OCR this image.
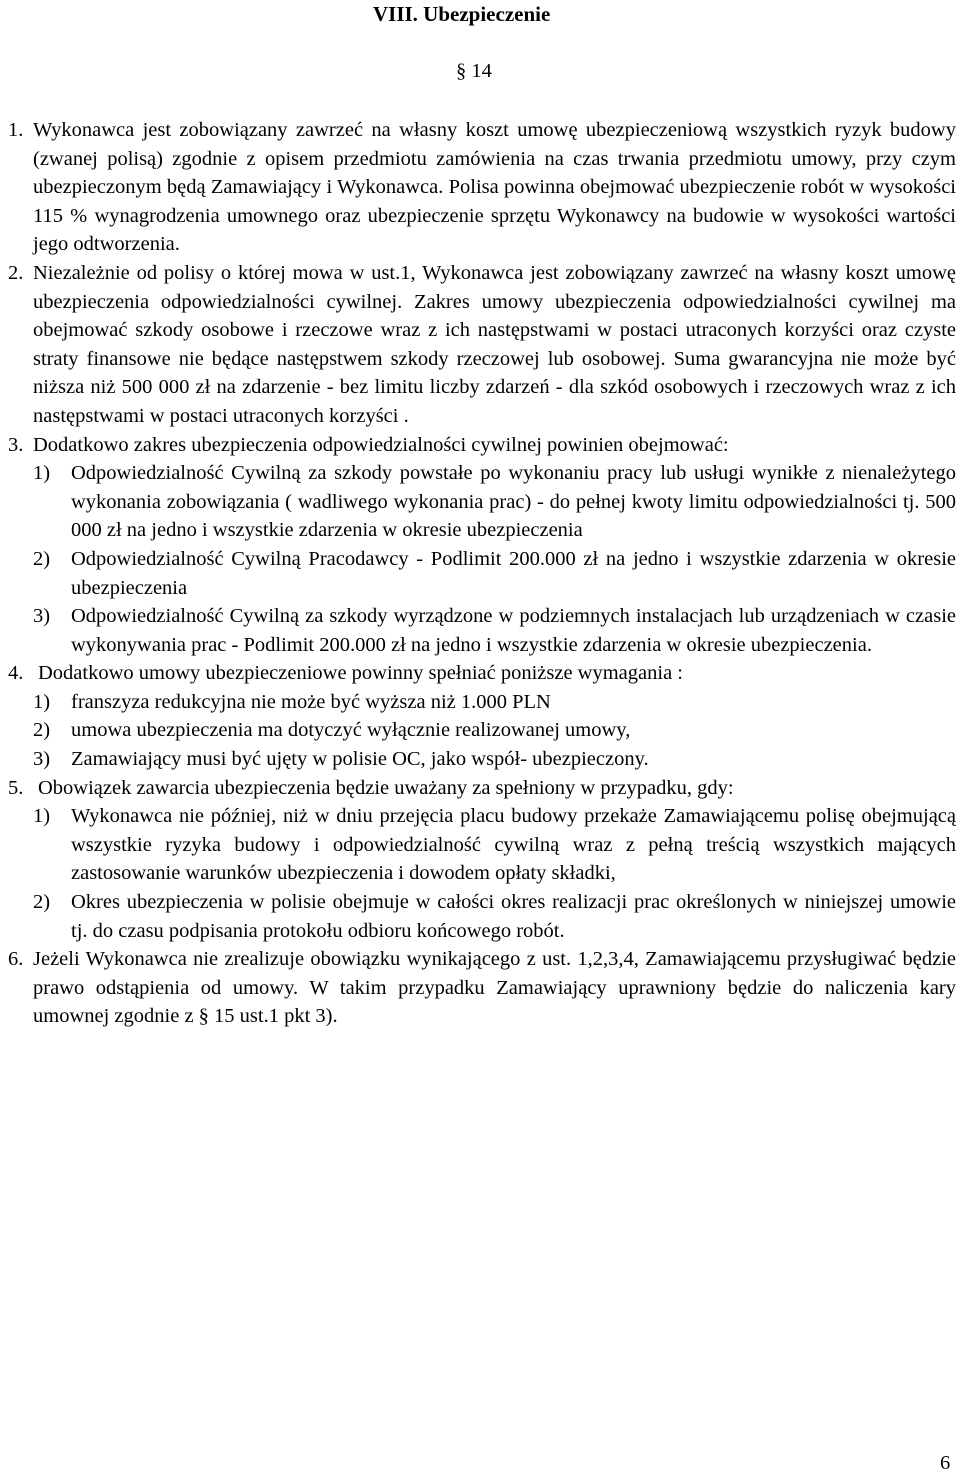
VIII. Ubezpieczenie
§ 14
1. Wykonawca jest zobowiązany zawrzeć na własny koszt umowę ubezpieczeniową wszystkich ryzyk budowy (zwanej polisą) zgodnie z opisem przedmiotu zamówienia na czas trwania przedmiotu umowy, przy czym ubezpieczonym będą Zamawiający i Wykonawca. Polisa powinna obejmować ubezpieczenie robót w wysokości 115 % wynagrodzenia umownego oraz ubezpieczenie sprzętu Wykonawcy na budowie w wysokości wartości jego odtworzenia.
2. Niezależnie od polisy o której mowa w ust.1, Wykonawca jest zobowiązany zawrzeć na własny koszt umowę ubezpieczenia odpowiedzialności cywilnej. Zakres umowy ubezpieczenia odpowiedzialności cywilnej ma obejmować szkody osobowe i rzeczowe wraz z ich następstwami w postaci utraconych korzyści oraz czyste straty finansowe nie będące następstwem szkody rzeczowej lub osobowej. Suma gwarancyjna nie może być niższa niż 500 000 zł na zdarzenie - bez limitu liczby zdarzeń - dla szkód osobowych i rzeczowych wraz z ich następstwami w postaci utraconych korzyści .
3. Dodatkowo zakres ubezpieczenia odpowiedzialności cywilnej powinien obejmować:
1) Odpowiedzialność Cywilną za szkody powstałe po wykonaniu pracy lub usługi wynikłe z nienależytego wykonania zobowiązania ( wadliwego wykonania prac) - do pełnej kwoty limitu odpowiedzialności tj. 500 000 zł na jedno i wszystkie zdarzenia w okresie ubezpieczenia
2) Odpowiedzialność Cywilną Pracodawcy - Podlimit 200.000 zł na jedno i wszystkie zdarzenia w okresie ubezpieczenia
3) Odpowiedzialność Cywilną za szkody wyrządzone w podziemnych instalacjach lub urządzeniach w czasie wykonywania prac - Podlimit 200.000 zł na jedno i wszystkie zdarzenia w okresie ubezpieczenia.
4. Dodatkowo umowy ubezpieczeniowe powinny spełniać poniższe wymagania :
1) franszyza redukcyjna nie może być wyższa niż 1.000 PLN
2) umowa ubezpieczenia ma dotyczyć wyłącznie realizowanej umowy,
3) Zamawiający musi być ujęty w polisie OC, jako współ- ubezpieczony.
5. Obowiązek zawarcia ubezpieczenia będzie uważany za spełniony w przypadku, gdy:
1) Wykonawca nie później, niż w dniu przejęcia placu budowy przekaże Zamawiającemu polisę obejmującą wszystkie ryzyka budowy i odpowiedzialność cywilną wraz z pełną treścią wszystkich mających zastosowanie warunków ubezpieczenia i dowodem opłaty składki,
2) Okres ubezpieczenia w polisie obejmuje w całości okres realizacji prac określonych w niniejszej umowie tj. do czasu podpisania protokołu odbioru końcowego robót.
6. Jeżeli Wykonawca nie zrealizuje obowiązku wynikającego z ust. 1,2,3,4, Zamawiającemu przysługiwać będzie prawo odstąpienia od umowy. W takim przypadku Zamawiający uprawniony będzie do naliczenia kary umownej zgodnie z § 15 ust.1 pkt 3).
6
